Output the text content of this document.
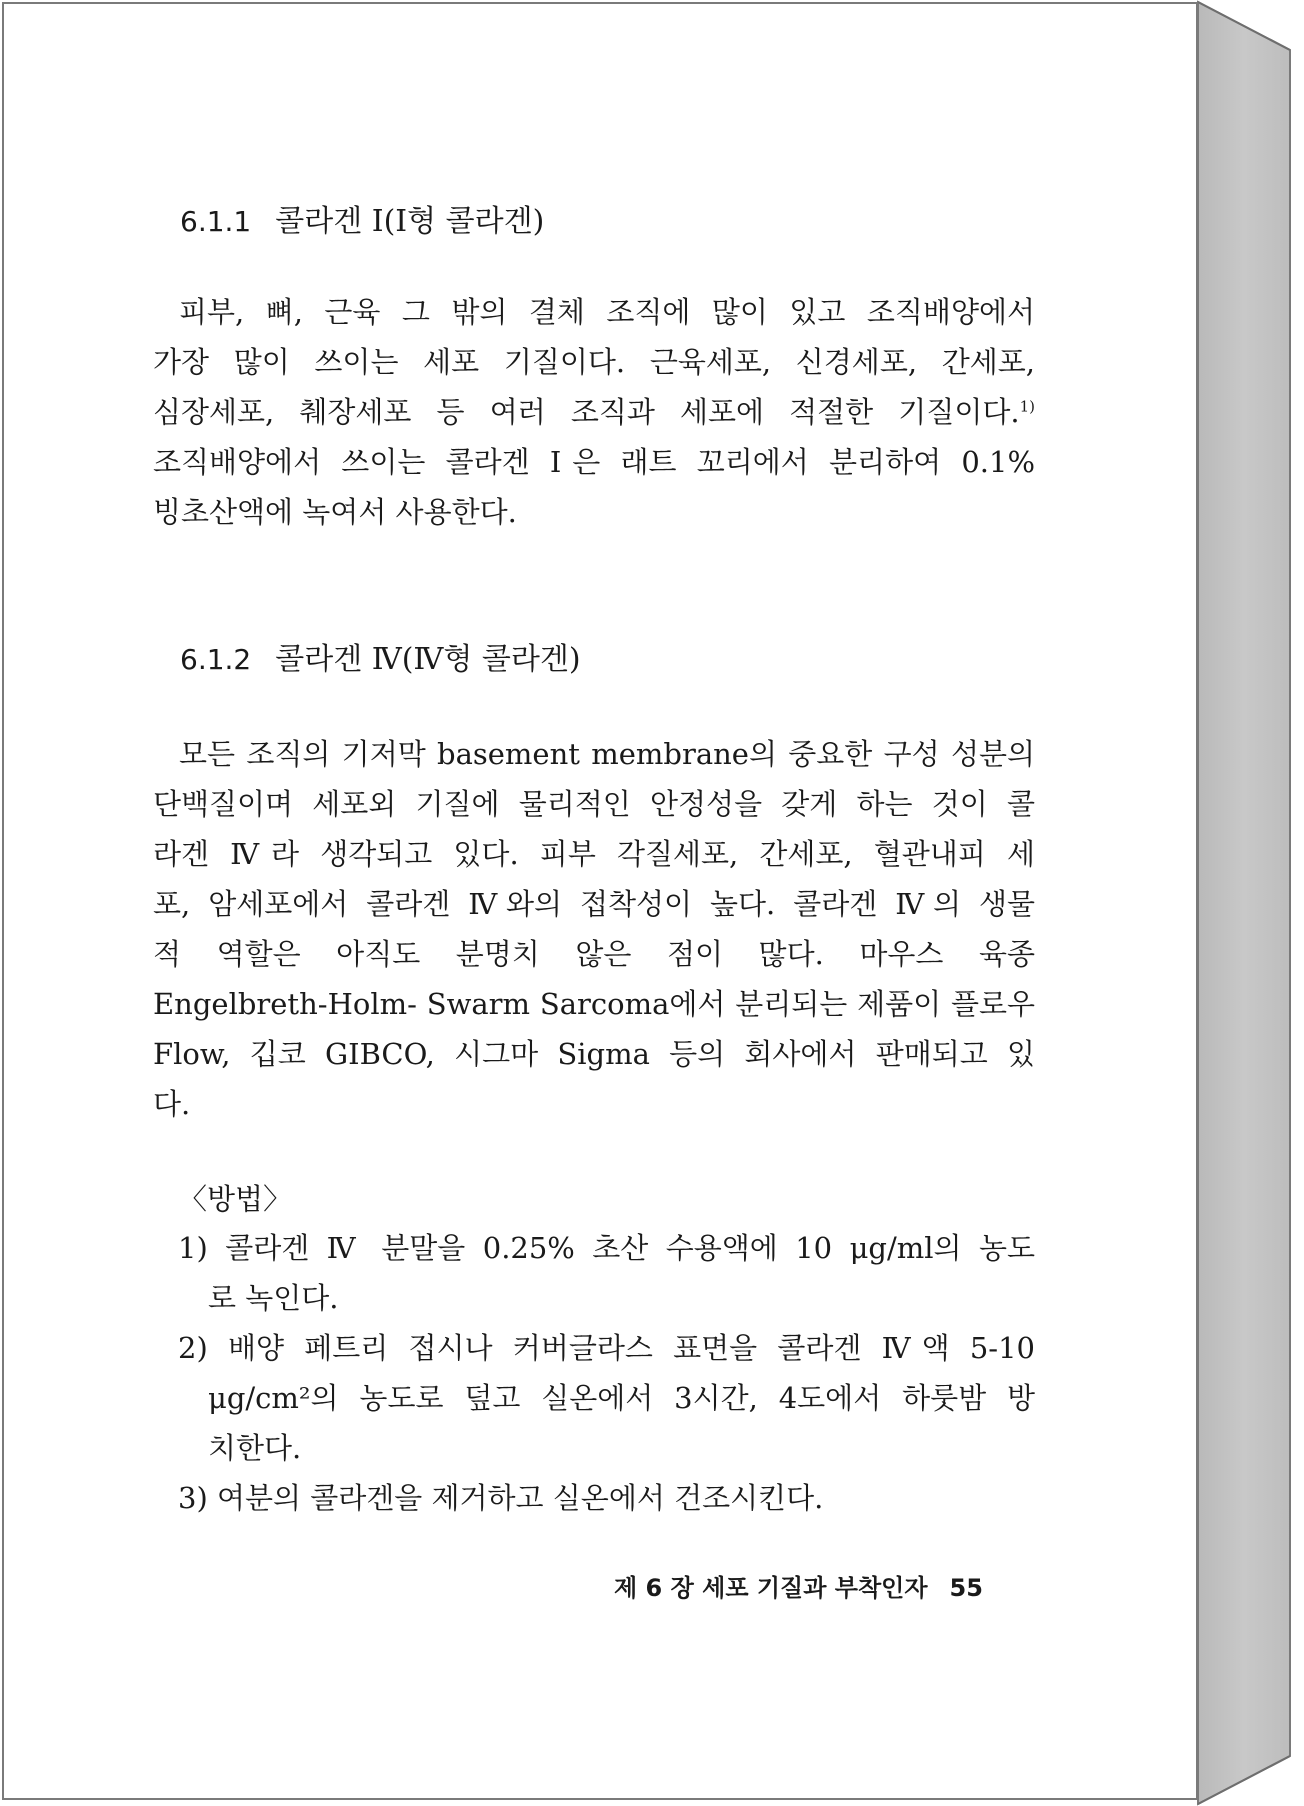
6.1.1 콜라겐 Ⅰ(Ⅰ형 콜라겐)

피부, 뼈, 근육 그 밖의 결체 조직에 많이 있고 조직배양에서
가장 많이 쓰이는 세포 기질이다. 근육세포, 신경세포, 간세포,
심장세포, 췌장세포 등 여러 조직과 세포에 적절한 기질이다.$^{1)}$
조직배양에서 쓰이는 콜라겐 Ⅰ은 래트 꼬리에서 분리하여 0.1%
빙초산액에 녹여서 사용한다.

6.1.2 콜라겐 Ⅳ(Ⅳ형 콜라겐)

모든 조직의 기저막 basement membrane의 중요한 구성 성분의
단백질이며 세포외 기질에 물리적인 안정성을 갖게 하는 것이 콜
라겐 Ⅳ라 생각되고 있다. 피부 각질세포, 간세포, 혈관내피 세
포, 암세포에서 콜라겐 Ⅳ와의 접착성이 높다. 콜라겐 Ⅳ의 생물
적 역할은 아직도 분명치 않은 점이 많다. 마우스 육종
Engelbreth-Holm- Swarm Sarcoma에서 분리되는 제품이 플로우
Flow, 깁코 GIBCO, 시그마 Sigma 등의 회사에서 판매되고 있
다.

〈방법〉

1) 콜라겐 Ⅳ 분말을 0.25% 초산 수용액에 10 μg/ml의 농도
로 녹인다.
2) 배양 페트리 접시나 커버글라스 표면을 콜라겐 Ⅳ액 5-10
μg/cm²의 농도로 덮고 실온에서 3시간, 4도에서 하룻밤 방
치한다.
3) 여분의 콜라겐을 제거하고 실온에서 건조시킨다.
제 6 장 세포 기질과 부착인자 55
